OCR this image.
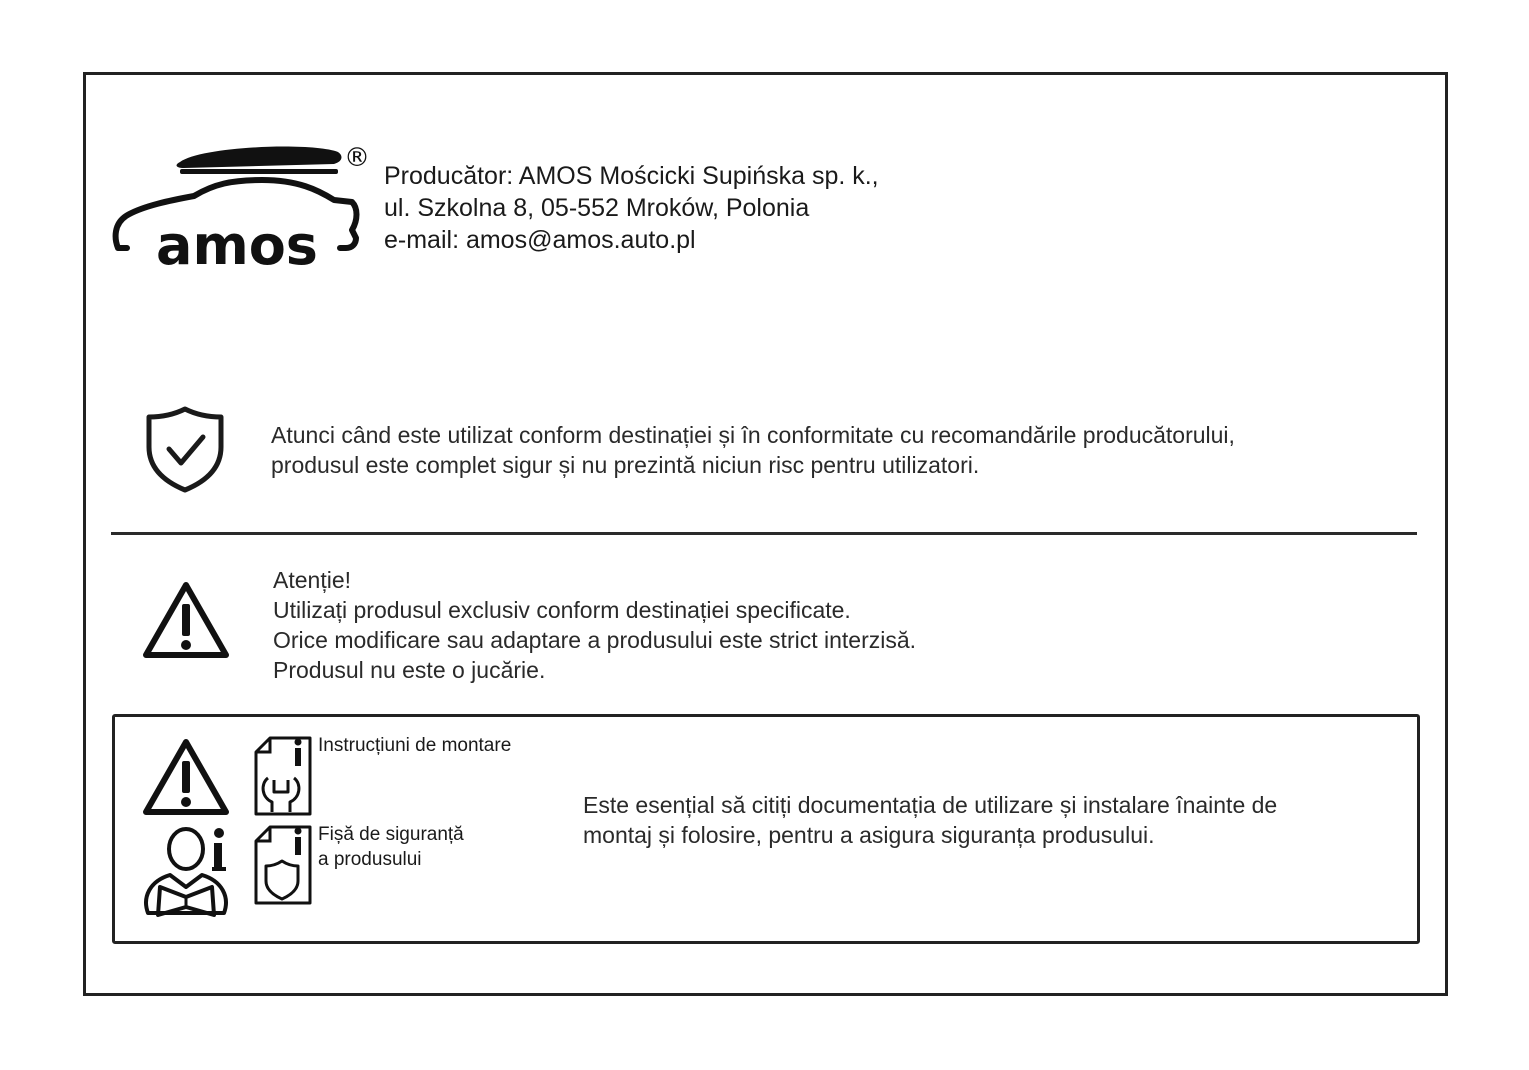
amos
®
Producător: AMOS Mościcki Supińska sp. k.,
ul. Szkolna 8, 05-552 Mroków, Polonia
e-mail: amos@amos.auto.pl
Atunci când este utilizat conform destinației și în conformitate cu recomandările producătorului,
produsul este complet sigur și nu prezintă niciun risc pentru utilizatori.
Atenție!
Utilizați produsul exclusiv conform destinației specificate.
Orice modificare sau adaptare a produsului este strict interzisă.
Produsul nu este o jucărie.
Instrucțiuni de montare
Fișă de siguranță
a produsului
Este esențial să citiți documentația de utilizare și instalare înainte de
montaj și folosire, pentru a asigura siguranța produsului.
